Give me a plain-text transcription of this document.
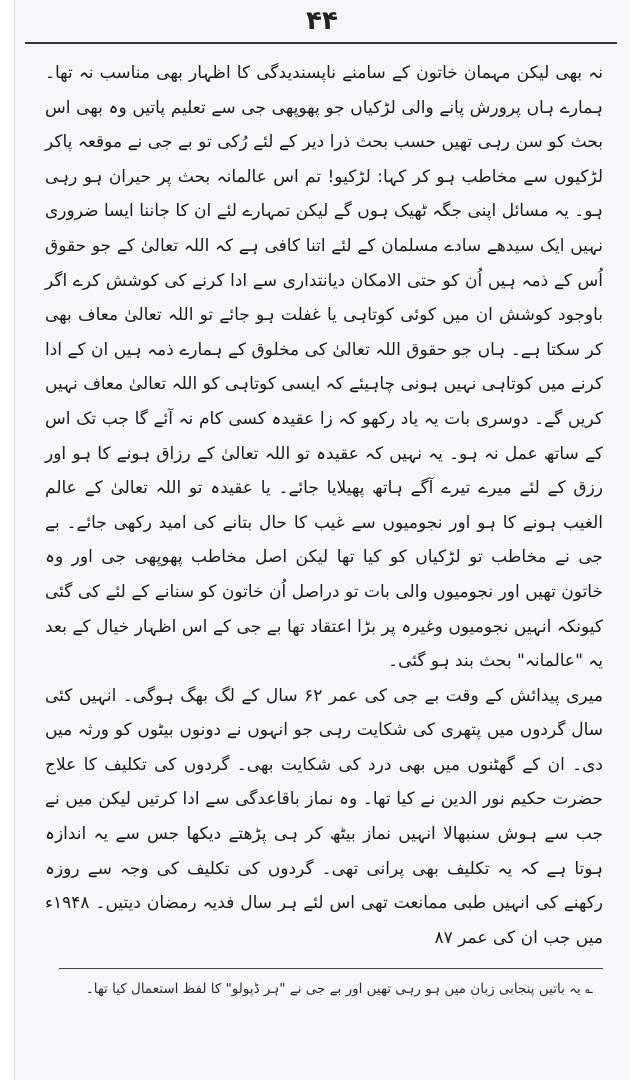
۴۴

نہ بھی لیکن مہمان خاتون کے سامنے ناپسندیدگی کا اظہار بھی مناسب نہ تھا۔ ہمارے ہاں پرورش پانے والی لڑکیاں جو پھوپھی جی سے تعلیم پاتیں وہ بھی اس بحث کو سن رہی تھیں حسب بحث ذرا دیر کے لئے رُکی تو بے جی نے موقعہ پاکر لڑکیوں سے مخاطب ہو کر کہا: لڑکیو! تم اس عالمانہ بحث پر حیران ہو رہی ہو۔ یہ مسائل اپنی جگہ ٹھیک ہوں گے لیکن تمہارے لئے ان کا جاننا ایسا ضروری نہیں ایک سیدھے سادے مسلمان کے لئے اتنا کافی ہے کہ اللہ تعالیٰ کے جو حقوق اُس کے ذمہ ہیں اُن کو حتی الامکان دیانتداری سے ادا کرنے کی کوشش کرے اگر باوجود کوشش ان میں کوئی کوتاہی یا غفلت ہو جائے تو اللہ تعالیٰ معاف بھی کر سکتا ہے۔ ہاں جو حقوق اللہ تعالیٰ کی مخلوق کے ہمارے ذمہ ہیں ان کے ادا کرنے میں کوتاہی نہیں ہونی چاہیئے کہ ایسی کوتاہی کو اللہ تعالیٰ معاف نہیں کریں گے۔ دوسری بات یہ یاد رکھو کہ زا عقیدہ کسی کام نہ آئے گا جب تک اس کے ساتھ عمل نہ ہو۔ یہ نہیں کہ عقیدہ تو اللہ تعالیٰ کے رزاق ہونے کا ہو اور رزق کے لئے میرے تیرے آگے ہاتھ پھیلایا جائے۔ یا عقیدہ تو اللہ تعالیٰ کے عالم الغیب ہونے کا ہو اور نجومیوں سے غیب کا حال بتانے کی امید رکھی جائے۔ بے جی نے مخاطب تو لڑکیاں کو کیا تھا لیکن اصل مخاطب پھوپھی جی اور وہ خاتون تھیں اور نجومیوں والی بات تو دراصل اُن خاتون کو سنانے کے لئے کی گئی کیونکہ انہیں نجومیوں وغیرہ پر بڑا اعتقاد تھا بے جی کے اس اظہار خیال کے بعد یہ "عالمانہ" بحث بند ہو گئی۔

میری پیدائش کے وقت بے جی کی عمر ۶۲ سال کے لگ بھگ ہوگی۔ انہیں کئی سال گردوں میں پتھری کی شکایت رہی جو انہوں نے دونوں بیٹوں کو ورثہ میں دی۔ ان کے گھٹنوں میں بھی درد کی شکایت بھی۔ گردوں کی تکلیف کا علاج حضرت حکیم نور الدین نے کیا تھا۔ وہ نماز باقاعدگی سے ادا کرتیں لیکن میں نے جب سے ہوش سنبھالا انہیں نماز بیٹھ کر ہی پڑھتے دیکھا جس سے یہ اندازہ ہوتا ہے کہ یہ تکلیف بھی پرانی تھی۔ گردوں کی تکلیف کی وجہ سے روزہ رکھنے کی انہیں طبی ممانعت تھی اس لئے ہر سال فدیہ رمضان دیتیں۔ ۱۹۴۸ء میں جب ان کی عمر ۸۷

؎ یہ باتیں پنجابی زبان میں ہو رہی تھیں اور بے جی نے "ہر ڈپولو" کا لفظ استعمال کیا تھا۔
